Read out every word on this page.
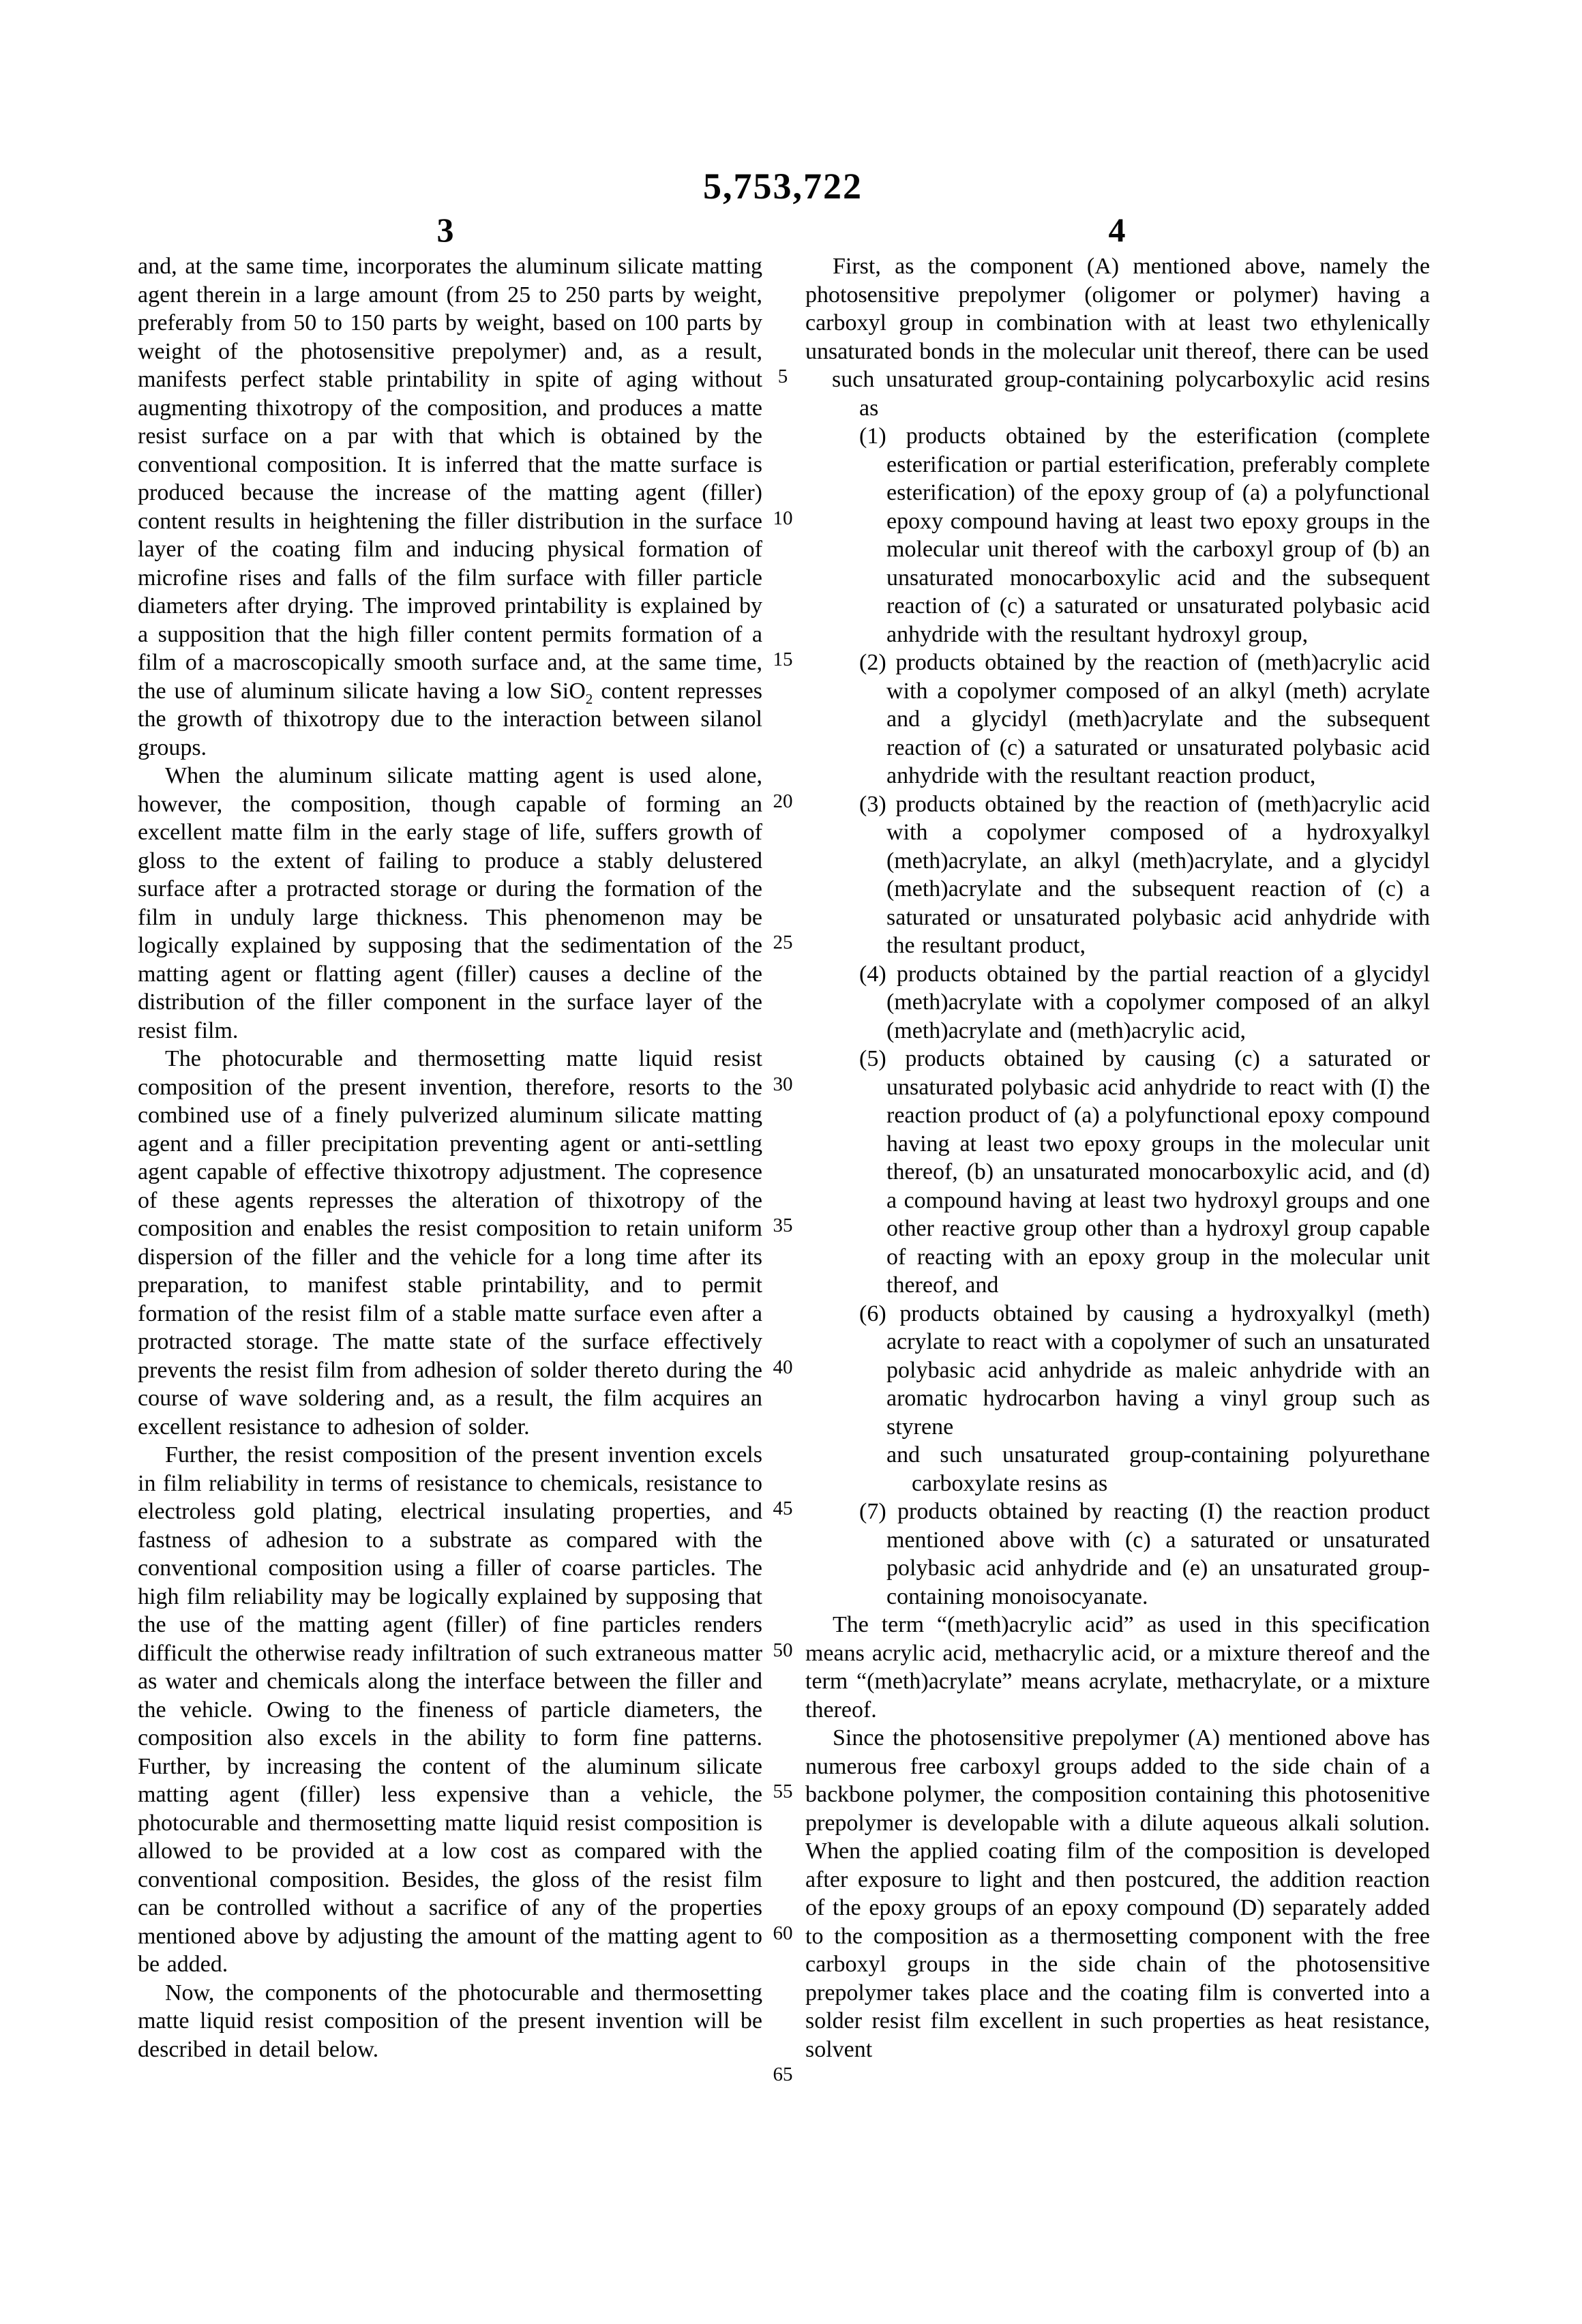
5,753,722
3	4
5
10
15
20
25
30
35
40
45
50
55
60
65

and, at the same time, incorporates the aluminum silicate matting agent therein in a large amount (from 25 to 250 parts by weight, preferably from 50 to 150 parts by weight, based on 100 parts by weight of the photosensitive prepolymer) and, as a result, manifests perfect stable printability in spite of aging without augmenting thixotropy of the composition, and produces a matte resist surface on a par with that which is obtained by the conventional composition. It is inferred that the matte surface is produced because the increase of the matting agent (filler) content results in heightening the filler distribution in the surface layer of the coating film and inducing physical formation of microfine rises and falls of the film surface with filler particle diameters after drying. The improved printability is explained by a supposition that the high filler content permits formation of a film of a macroscopically smooth surface and, at the same time, the use of aluminum silicate having a low SiO$_2$ content represses the growth of thixotropy due to the interaction between silanol groups.

When the aluminum silicate matting agent is used alone, however, the composition, though capable of forming an excellent matte film in the early stage of life, suffers growth of gloss to the extent of failing to produce a stably delustered surface after a protracted storage or during the formation of the film in unduly large thickness. This phenomenon may be logically explained by supposing that the sedimentation of the matting agent or flatting agent (filler) causes a decline of the distribution of the filler component in the surface layer of the resist film.

The photocurable and thermosetting matte liquid resist composition of the present invention, therefore, resorts to the combined use of a finely pulverized aluminum silicate matting agent and a filler precipitation preventing agent or anti-settling agent capable of effective thixotropy adjustment. The copresence of these agents represses the alteration of thixotropy of the composition and enables the resist composition to retain uniform dispersion of the filler and the vehicle for a long time after its preparation, to manifest stable printability, and to permit formation of the resist film of a stable matte surface even after a protracted storage. The matte state of the surface effectively prevents the resist film from adhesion of solder thereto during the course of wave soldering and, as a result, the film acquires an excellent resistance to adhesion of solder.

Further, the resist composition of the present invention excels in film reliability in terms of resistance to chemicals, resistance to electroless gold plating, electrical insulating properties, and fastness of adhesion to a substrate as compared with the conventional composition using a filler of coarse particles. The high film reliability may be logically explained by supposing that the use of the matting agent (filler) of fine particles renders difficult the otherwise ready infiltration of such extraneous matter as water and chemicals along the interface between the filler and the vehicle. Owing to the fineness of particle diameters, the composition also excels in the ability to form fine patterns. Further, by increasing the content of the aluminum silicate matting agent (filler) less expensive than a vehicle, the photocurable and thermosetting matte liquid resist composition is allowed to be provided at a low cost as compared with the conventional composition. Besides, the gloss of the resist film can be controlled without a sacrifice of any of the properties mentioned above by adjusting the amount of the matting agent to be added.

Now, the components of the photocurable and thermosetting matte liquid resist composition of the present invention will be described in detail below.

First, as the component (A) mentioned above, namely the photosensitive prepolymer (oligomer or polymer) having a carboxyl group in combination with at least two ethylenically unsaturated bonds in the molecular unit thereof, there can be used

such unsaturated group-containing polycarboxylic acid resins as
(1) products obtained by the esterification (complete esterification or partial esterification, preferably complete esterification) of the epoxy group of (a) a polyfunctional epoxy compound having at least two epoxy groups in the molecular unit thereof with the carboxyl group of (b) an unsaturated monocarboxylic acid and the subsequent reaction of (c) a saturated or unsaturated polybasic acid anhydride with the resultant hydroxyl group,
(2) products obtained by the reaction of (meth)acrylic acid with a copolymer composed of an alkyl (meth) acrylate and a glycidyl (meth)acrylate and the subsequent reaction of (c) a saturated or unsaturated polybasic acid anhydride with the resultant reaction product,
(3) products obtained by the reaction of (meth)acrylic acid with a copolymer composed of a hydroxyalkyl (meth)acrylate, an alkyl (meth)acrylate, and a glycidyl (meth)acrylate and the subsequent reaction of (c) a saturated or unsaturated polybasic acid anhydride with the resultant product,
(4) products obtained by the partial reaction of a glycidyl (meth)acrylate with a copolymer composed of an alkyl (meth)acrylate and (meth)acrylic acid,
(5) products obtained by causing (c) a saturated or unsaturated polybasic acid anhydride to react with (I) the reaction product of (a) a polyfunctional epoxy compound having at least two epoxy groups in the molecular unit thereof, (b) an unsaturated monocarboxylic acid, and (d) a compound having at least two hydroxyl groups and one other reactive group other than a hydroxyl group capable of reacting with an epoxy group in the molecular unit thereof, and
(6) products obtained by causing a hydroxyalkyl (meth) acrylate to react with a copolymer of such an unsaturated polybasic acid anhydride as maleic anhydride with an aromatic hydrocarbon having a vinyl group such as styrene
and such unsaturated group-containing polyurethane carboxylate resins as
(7) products obtained by reacting (I) the reaction product mentioned above with (c) a saturated or unsaturated polybasic acid anhydride and (e) an unsaturated group-containing monoisocyanate.

The term “(meth)acrylic acid” as used in this specification means acrylic acid, methacrylic acid, or a mixture thereof and the term “(meth)acrylate” means acrylate, methacrylate, or a mixture thereof.

Since the photosensitive prepolymer (A) mentioned above has numerous free carboxyl groups added to the side chain of a backbone polymer, the composition containing this photosenitive prepolymer is developable with a dilute aqueous alkali solution. When the applied coating film of the composition is developed after exposure to light and then postcured, the addition reaction of the epoxy groups of an epoxy compound (D) separately added to the composition as a thermosetting component with the free carboxyl groups in the side chain of the photosensitive prepolymer takes place and the coating film is converted into a solder resist film excellent in such properties as heat resistance, solvent
